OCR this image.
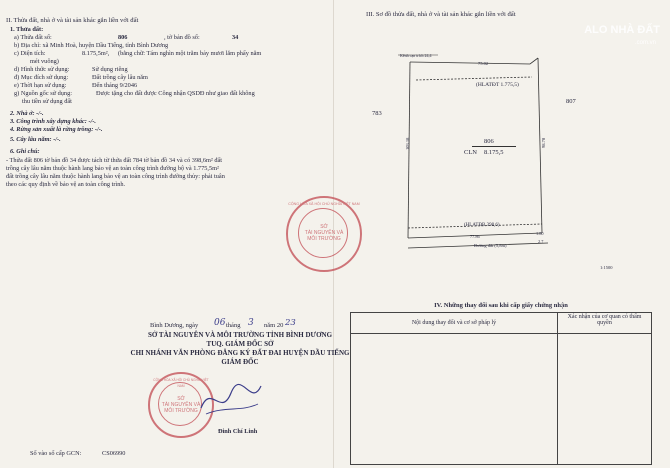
II. Thửa đất, nhà ở và tài sản khác gắn liền với đất
1. Thửa đất:
a) Thửa đất số:	806	, tờ bản đồ số:	34
b) Địa chỉ: xã Minh Hoà, huyện Dầu Tiếng, tỉnh Bình Dương
c) Diện tích:	8.175,5m², (bằng chữ: Tám nghìn một trăm bảy mươi lăm phẩy năm
mét vuông)
d) Hình thức sử dụng:	Sử dụng riêng
đ) Mục đích sử dụng:	Đất trồng cây lâu năm
e) Thời hạn sử dụng:	Đến tháng 9/2046
g) Nguồn gốc sử dụng:	Được tặng cho đất được Công nhận QSDĐ như giao đất không
thu tiền sử dụng đất
2. Nhà ở: -/-.
3. Công trình xây dựng khác: -/-.
4. Rừng sản xuất là rừng trồng: -/-.
5. Cây lâu năm: -/-.
6. Ghi chú:
- Thửa đất 806 tờ bản đồ 34 được tách từ thửa đất 784 tờ bản đồ 34 và có 398,6m² đất
trồng cây lâu năm thuộc hành lang bảo vệ an toàn công trình đường bộ và 1.775,5m²
đất trồng cây lâu năm thuộc hành lang bảo vệ an toàn công trình đường thủy: phải tuân
theo các quy định về bảo vệ an toàn công trình.
III. Sơ đồ thửa đất, nhà ở và tài sản khác gắn liền với đất
Kênh cạn trích 24,4
75.02
(HLATĐT 1.775,5)
783
807
806
CLN 8.175,5
103.18	98.70
(HLATĐB 398,6)
77.86
1.80
2.7
Đường đất (5,8m)
1:1500
CỘNG HÒA XÃ HỘI CHỦ NGHĨA VIỆT NAM
SỞ
TÀI NGUYÊN VÀ
MÔI TRƯỜNG
Bình Dương, ngày 06 tháng 3 năm 20 23
SỞ TÀI NGUYÊN VÀ MÔI TRƯỜNG TỈNH BÌNH DƯƠNG
TUQ. GIÁM ĐỐC SỞ
CHI NHÁNH VĂN PHÒNG ĐĂNG KÝ ĐẤT ĐAI HUYỆN DẦU TIẾNG
GIÁM ĐỐC
CỘNG HÒA XÃ HỘI CHỦ NGHĨA VIỆT NAM
SỞ
TÀI NGUYÊN VÀ
MÔI TRƯỜNG
Đinh Chí Linh
Số vào sổ cấp GCN:	CS06990
IV. Những thay đổi sau khi cấp giấy chứng nhận
Nội dung thay đổi và cơ sở pháp lý	Xác nhận của cơ quan có thẩm quyền

ALO NHÀ ĐẤT
.com.vn
